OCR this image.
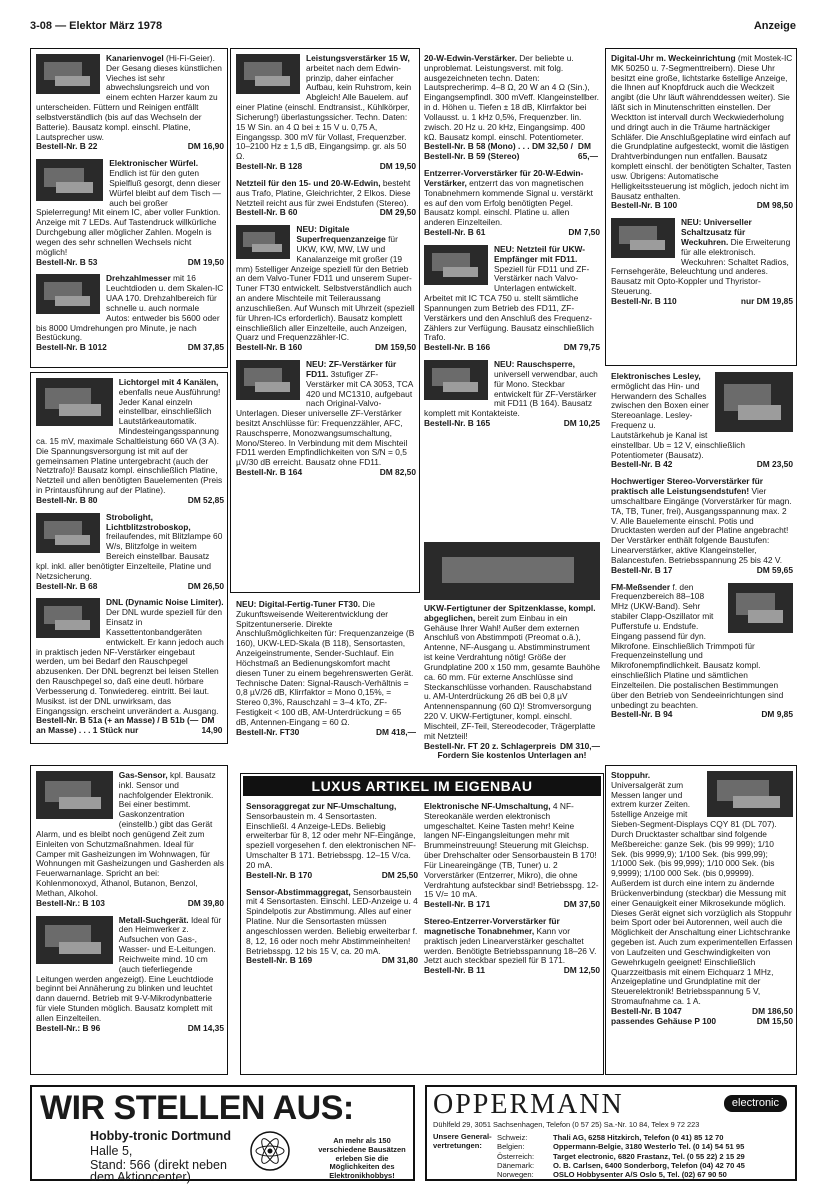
3-08 — Elektor März 1978	Anzeige
Kanarienvogel (Hi-Fi-Geier). Der Gesang dieses künstlichen Vieches ist sehr abwechslungsreich und von einem echten Harzer kaum zu unterscheiden. Füttern und Reinigen entfällt selbstverständlich (bis auf das Wechseln der Batterie). Bausatz kompl. einschl. Platine, Lautsprecher usw.
Bestell-Nr. B 22	DM 16,90
Elektronischer Würfel. Endlich ist für den guten Spielfluß gesorgt, denn dieser Würfel bleibt auf dem Tisch — auch bei großer Spielerregung! Mit einem IC, aber voller Funktion. Anzeige mit 7 LEDs. Auf Tastendruck willkürliche Durchgebung aller möglicher Zahlen. Mogeln is wegen des sehr schnellen Wechsels nicht möglich!
Bestell-Nr. B 53	DM 19,50
Drehzahlmesser mit 16 Leuchtdioden u. dem Skalen-IC UAA 170. Drehzahlbereich für schnelle u. auch normale Autos: entweder bis 5600 oder bis 8000 Umdrehungen pro Minute, je nach Bestückung.
Bestell-Nr. B 1012	DM 37,85
Lichtorgel mit 4 Kanälen, ebenfalls neue Ausführung! Jeder Kanal einzeln einstellbar, einschließlich Lautstärkeautomatik. Mindesteingangsspannung ca. 15 mV, maximale Schaltleistung 660 VA (3 A). Die Spannungsversorgung ist mit auf der gemeinsamen Platine untergebracht (auch der Netztrafo)! Bausatz kompl. einschließlich Platine, Netzteil und allen benötigten Bauelementen (Preis in Printausführung auf der Platine).
Bestell-Nr. B 80	DM 52,85
Strobolight, Lichtblitzstroboskop, freilaufendes, mit Blitzlampe 60 W/s, Blitzfolge in weitem Bereich einstellbar. Bausatz kpl. inkl. aller benötigter Einzelteile, Platine und Netzsicherung.
Bestell-Nr. B 68	DM 26,50
DNL (Dynamic Noise Limiter). Der DNL wurde speziell für den Einsatz in Kassettentonbandgeräten entwickelt. Er kann jedoch auch in praktisch jeden NF-Verstärker eingebaut werden, um bei Bedarf den Rauschpegel abzusenken. Der DNL begrenzt bei leisen Stellen den Rauschpegel so, daß eine deutl. hörbare Verbesserung d. Tonwiedereg. eintritt. Bei laut. Musikst. ist der DNL unwirksam, das Eingangssign. erscheint unverändert a. Ausgang.
Bestell-Nr. B 51a (+ an Masse) / B 51b (— an Masse) . . . 1 Stück nur
DM 14,90
Gas-Sensor, kpl. Bausatz inkl. Sensor und nachfolgender Elektronik. Bei einer bestimmt. Gaskonzentration (einstellb.) gibt das Gerät Alarm, und es bleibt noch genügend Zeit zum Einleiten von Schutzmaßnahmen. Ideal für Camper mit Gasheizungen im Wohnwagen, für Wohnungen mit Gasheizungen und Gasherden als Feuerwarnanlage. Spricht an bei: Kohlenmonoxyd, Äthanol, Butanon, Benzol, Methan, Alkohol.
Bestell-Nr.: B 103	DM 39,80
Metall-Suchgerät. Ideal für den Heimwerker z. Aufsuchen von Gas-, Wasser- und E-Leitungen. Reichweite mind. 10 cm (auch tieferliegende Leitungen werden angezeigt). Eine Leuchtdiode beginnt bei Annäherung zu blinken und leuchtet dann dauernd. Betrieb mit 9-V-Mikrodynbatterie für viele Stunden möglich. Bausatz komplett mit allen Einzelteilen.
Bestell-Nr.: B 96	DM 14,35
Leistungsverstärker 15 W, arbeitet nach dem Edwin-prinzip, daher einfacher Aufbau, kein Ruhstrom, kein Abgleich! Alle Bauelem. auf einer Platine (einschl. Endtransist., Kühlkörper, Sicherung!) überlastungssicher. Techn. Daten: 15 W Sin. an 4 Ω bei ± 15 V u. 0,75 A, Eingangssp. 300 mV für Vollast, Frequenzber. 10–2100 Hz ± 1,5 dB, Eingangsimp. gr. als 50 Ω.
Bestell-Nr. B 128	DM 19,50
Netzteil für den 15- und 20-W-Edwin, besteht aus Trafo, Platine, Gleichrichter, 2 Elkos. Diese Netzteil reicht aus für zwei Endstufen (Stereo).
Bestell-Nr. B 60	DM 29,50
NEU: Digitale Superfrequenzanzeige für UKW, KW, MW, LW und Kanalanzeige mit großer (19 mm) 5stelliger Anzeige speziell für den Betrieb an dem Valvo-Tuner FD11 und unserem Super-Tuner FT30 entwickelt. Selbstverständlich auch an andere Mischteile mit Teileraussang anzuschließen. Auf Wunsch mit Uhrzeit (speziell für Uhren-ICs erforderlich). Bausatz komplett einschließlich aller Einzelteile, auch Anzeigen, Quarz und Frequenzzähler-IC.
Bestell-Nr. B 160	DM 159,50
NEU: ZF-Verstärker für FD11. 3stufiger ZF-Verstärker mit CA 3053, TCA 420 und MC1310, aufgebaut nach Original-Valvo-Unterlagen. Dieser universelle ZF-Verstärker besitzt Anschlüsse für: Frequenzzähler, AFC, Rauschsperre, Monozwangsumschaltung, Mono/Stereo. In Verbindung mit dem Mischteil FD11 werden Empfindlichkeiten von S/N = 0,5 µV/30 dB erreicht. Bausatz ohne FD11.
Bestell-Nr. B 164	DM 82,50
NEU: Digital-Fertig-Tuner FT30. Die Zukunftsweisende Weiterentwicklung der Spitzentunerserie. Direkte Anschlußmöglichkeiten für: Frequenzanzeige (B 160), UKW-LED-Skala (B 118), Sensortasten, Anzeigeinstrumente, Sender-Suchlauf. Ein Höchstmaß an Bedienungskomfort macht diesen Tuner zu einem begehrenswerten Gerät. Technische Daten: Signal-Rausch-Verhältnis = 0,8 µV/26 dB, Klirrfaktor = Mono 0,15%, = Stereo 0,3%, Rauschzahl = 3–4 kTo, ZF-Festigkeit < 100 dB, AM-Unterdrückung = 65 dB, Antennen-Eingang = 60 Ω.
Bestell-Nr. FT30	DM 418,—
20-W-Edwin-Verstärker. Der beliebte u. unproblemat. Leistungsverst. mit folg. ausgezeichneten techn. Daten: Lautsprecherimp. 4–8 Ω, 20 W an 4 Ω (Sin.), Eingangsempfindl. 300 mVeff. Klangeinstellber. in d. Höhen u. Tiefen ± 18 dB, Klirrfaktor bei Vollausst. u. 1 kHz 0,5%, Frequenzber. lin. zwisch. 20 Hz u. 20 kHz, Eingangsimp. 400 kΩ. Bausatz kompl. einschl. Potentiometer.
Bestell-Nr. B 58 (Mono) . . . DM 32,50 / Bestell-Nr. B 59 (Stereo)
DM 65,—
Entzerrer-Vorverstärker für 20-W-Edwin-Verstärker, entzerrt das von magnetischen Tonabnehmern kommende Signal u. verstärkt es auf den vom Erfolg benötigten Pegel. Bausatz kompl. einschl. Platine u. allen anderen Einzelteilen.
Bestell-Nr. B 61	DM 7,50
NEU: Netzteil für UKW-Empfänger mit FD11. Speziell für FD11 und ZF-Verstärker nach Valvo-Unterlagen entwickelt. Arbeitet mit IC TCA 750 u. stellt sämtliche Spannungen zum Betrieb des FD11, ZF-Verstärkers und den Anschluß des Frequenz-Zählers zur Verfügung. Bausatz einschließlich Trafo.
Bestell-Nr. B 166	DM 79,75
NEU: Rauschsperre, universell verwendbar, auch für Mono. Steckbar entwickelt für ZF-Verstärker mit FD11 (B 164). Bausatz komplett mit Kontakteiste.
Bestell-Nr. B 165	DM 10,25
UKW-Fertigtuner der Spitzenklasse, kompl. abgeglichen, bereit zum Einbau in ein Gehäuse Ihrer Wahl! Außer dem externen Anschluß von Abstimmpoti (Preomat o.ä.), Antenne, NF-Ausgang u. Abstimminstrument ist keine Verdrahtung nötig! Größe der Grundplatine 200 x 150 mm, gesamte Bauhöhe ca. 60 mm. Für externe Anschlüsse sind Steckanschlüsse vorhanden. Rauschabstand u. AM-Unterdrückung 26 dB bei 0,8 µV Antennenspannung (60 Ω)! Stromversorgung 220 V. UKW-Fertigtuner, kompl. einschl. Mischteil, ZF-Teil, Stereodecoder, Trägerplatte mit Netzteil!
Bestell-Nr. FT 20 z. Schlagerpreis DM 310,—
Fordern Sie kostenlos Unterlagen an!
Digital-Uhr m. Weckeinrichtung (mit Mostek-IC MK 50250 u. 7-Segmenttreibern). Diese Uhr besitzt eine große, lichtstarke 6stellige Anzeige, die Ihnen auf Knopfdruck auch die Weckzeit angibt (die Uhr läuft währenddessen weiter). Sie läßt sich in Minutenschritten einstellen. Der Wecktton ist intervall durch Weckwiederholung und dringt auch in die Träume hartnäckiger Schläfer. Die Anschlußgeplatine wird einfach auf die Grundplatine aufgesteckt, womit die lästigen Drahtverbindungen nun entfallen. Bausatz komplett einschl. der benötigten Schalter, Tasten usw. Übrigens: Automatische Helligkeitssteuerung ist möglich, jedoch nicht im Bausatz enthalten.
Bestell-Nr. B 100	DM 98,50
NEU: Universeller Schaltzusatz für Weckuhren. Die Erweiterung für alle elektronisch. Weckuhren: Schaltet Radios, Fernsehgeräte, Beleuchtung und anderes. Bausatz mit Opto-Koppler und Thyristor-Steuerung.
Bestell-Nr. B 110	nur DM 19,85
Elektronisches Lesley, ermöglicht das Hin- und Herwandern des Schalles zwischen den Boxen einer Stereoanlage. Lesley-Frequenz u. Lautstärkehub je Kanal ist einstellbar. Ub = 12 V, einschließlich Potentiometer (Bausatz).
Bestell-Nr. B 42	DM 23,50
Hochwertiger Stereo-Vorverstärker für praktisch alle Leistungsendstufen! Vier umschaltbare Eingänge (Vorverstärker für magn. TA, TB, Tuner, frei), Ausgangsspannung max. 2 V. Alle Bauelemente einschl. Potis und Drucktasten werden auf der Platine angebracht! Der Verstärker enthält folgende Baustufen: Linearverstärker, aktive Klangeinsteller, Balancestufen. Betriebsspannung 25 bis 42 V.
Bestell-Nr. B 17	DM 59,65
FM-Meßsender f. den Frequenzbereich 88–108 MHz (UKW-Band). Sehr stabiler Clapp-Oszillator mit Pufferstufe u. Endstufe. Eingang passend für dyn. Mikrofone. Einschließlich Trimmpoti für Frequenzeinstellung und Mikrofonempfindlichkeit. Bausatz kompl. einschließlich Platine und sämtlichen Einzelteilen. Die postalischen Bestimmungen über den Betrieb von Sendeeinrichtungen sind unbedingt zu beachten.
Bestell-Nr. B 94	DM 9,85
Stoppuhr. Universalgerät zum Messen langer und extrem kurzer Zeiten. 5stellige Anzeige mit Sieben-Segment-Displays CQY 81 (DL 707). Durch Drucktaster schaltbar sind folgende Meßbereiche: ganze Sek. (bis 99 999); 1/10 Sek. (bis 9999,9); 1/100 Sek. (bis 999,99); 1/1000 Sek. (bis 99,999); 1/10 000 Sek. (bis 9,9999); 1/100 000 Sek. (bis 0,99999). Außerdem ist durch eine intern zu ändernde Brückenverbindung (steckbar) die Messung mit einer Genauigkeit einer Mikrosekunde möglich. Dieses Gerät eignet sich vorzüglich als Stoppuhr beim Sport oder bei Autorennen, weil auch die Möglichkeit der Anschaltung einer Lichtschranke gegeben ist. Auch zum experimentellen Erfassen von Laufzeiten und Geschwindigkeiten von Gewehrkugeln geeignet! Einschließlich Quarzzeitbasis mit einem Eichquarz 1 MHz, Anzeigeplatine und Grundplatine mit der Steuerelektronik! Betriebsspannung 5 V, Stromaufnahme ca. 1 A.
Bestell-Nr. B 1047	DM 186,50
passendes Gehäuse P 100	DM 15,50
LUXUS ARTIKEL IM EIGENBAU
Sensoraggregat zur NF-Umschaltung, Sensorbaustein m. 4 Sensortasten. Einschließl. 4 Anzeige-LEDs. Beliebig erweiterbar für 8, 12 oder mehr NF-Eingänge, speziell vorgesehen f. den elektronischen NF-Umschalter B 171. Betriebsspg. 12–15 V/ca. 20 mA.
Bestell-Nr. B 170	DM 25,50
Sensor-Abstimmaggregat, Sensorbaustein mit 4 Sensortasten. Einschl. LED-Anzeige u. 4 Spindelpotis zur Abstimmung. Alles auf einer Platine. Nur die Sensortasten müssen angeschlossen werden. Beliebig erweiterbar f. 8, 12, 16 oder noch mehr Abstimmeinheiten! Betriebsspg. 12 bis 15 V, ca. 20 mA.
Bestell-Nr. B 169	DM 31,80
Elektronische NF-Umschaltung, 4 NF-Stereokanäle werden elektronisch umgeschaltet. Keine Tasten mehr! Keine langen NF-Eingangsleitungen mehr mit Brummeinstreuung! Steuerung mit Gleichsp. über Drehschalter oder Sensorbaustein B 170! Für Lineareingänge (TB, Tuner) u. 2 Vorverstärker (Entzerrer, Mikro), die ohne Verdrahtung aufsteckbar sind! Betriebsspg. 12-15 V/= 10 mA.
Bestell-Nr. B 171	DM 37,50
Stereo-Entzerrer-Vorverstärker für magnetische Tonabnehmer, Kann vor praktisch jeden Linearverstärker geschaltet werden. Benötigte Betriebsspannung 18–26 V. Jetzt auch steckbar speziell für B 171.
Bestell-Nr. B 11	DM 12,50
WIR STELLEN AUS:
Hobby-tronic Dortmund
Halle 5,
Stand: 566 (direkt neben
dem Aktioncenter)
An mehr als 150 verschiedene Bausätzen erleben Sie die Möglichkeiten des Elektronikhobbys!
OPPERMANN	electronic
Dühlfeld 29, 3051 Sachsenhagen, Telefon (0 57 25) Sa.-Nr. 10 84, Telex 9 72 223
Unsere General-vertretungen:
Schweiz:	Thali AG, 6258 Hitzkirch, Telefon (0 41) 85 12 70
Belgien:	Oppermann-Belgie, 3180 Westerlo Tel. (0 14) 54 51 95
Österreich: Target electronic, 6820 Frastanz, Tel. (0 55 22) 2 15 29
Dänemark: O. B. Carlsen, 6400 Sonderborg, Telefon (04) 42 70 45
Norwegen:	OSLO Hobbysenter A/S Oslo 5, Tel. (02) 67 90 50
